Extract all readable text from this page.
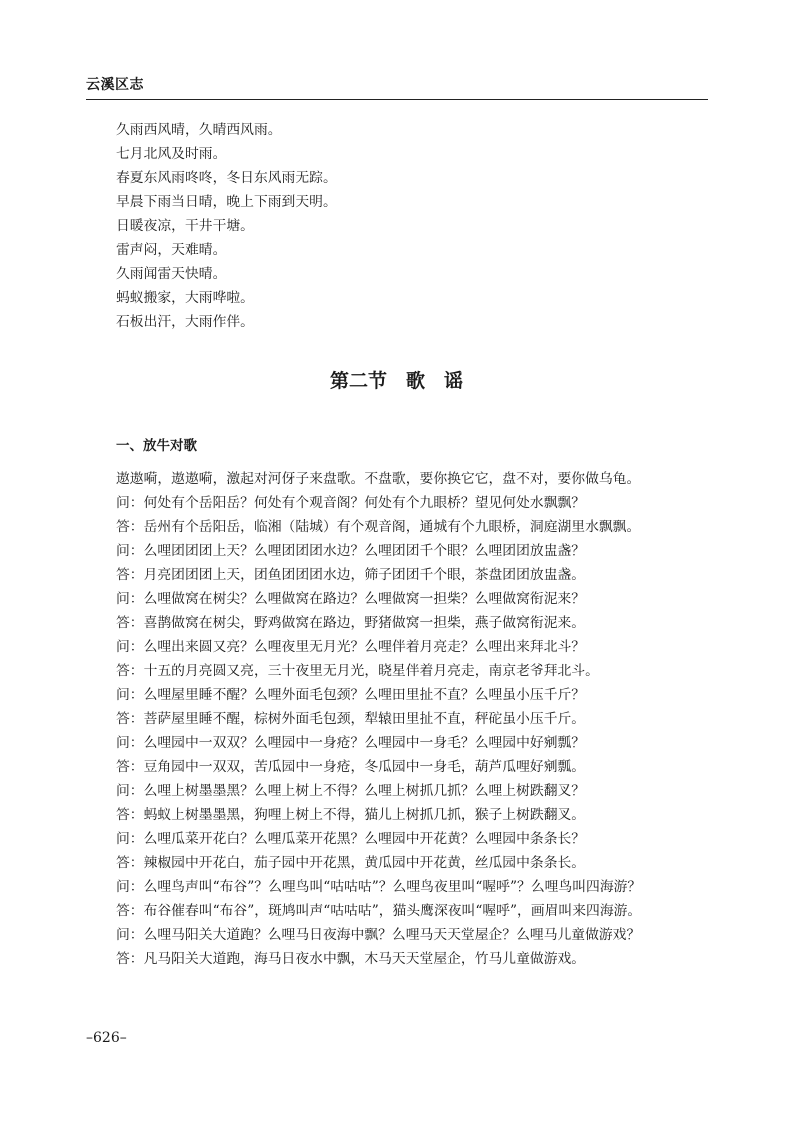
云溪区志
久雨西风晴，久晴西风雨。
七月北风及时雨。
春夏东风雨咚咚，冬日东风雨无踪。
早晨下雨当日晴，晚上下雨到天明。
日暖夜凉，干井干塘。
雷声闷，天难晴。
久雨闻雷天快晴。
蚂蚁搬家，大雨哗啦。
石板出汗，大雨作伴。
第二节　歌　谣
一、放牛对歌
遨遨嗬，遨遨嗬，激起对河伢子来盘歌。不盘歌，要你换它它，盘不对，要你做乌龟。
问：何处有个岳阳岳？何处有个观音阁？何处有个九眼桥？望见何处水飘飘？
答：岳州有个岳阳岳，临湘（陆城）有个观音阁，通城有个九眼桥，洞庭湖里水飘飘。
问：么哩团团团上天？么哩团团团水边？么哩团团千个眼？么哩团团放盅盏？
答：月亮团团团上天，团鱼团团团水边，筛子团团千个眼，茶盘团团放盅盏。
问：么哩做窝在树尖？么哩做窝在路边？么哩做窝一担柴？么哩做窝衔泥来？
答：喜鹊做窝在树尖，野鸡做窝在路边，野猪做窝一担柴，燕子做窝衔泥来。
问：么哩出来圆又亮？么哩夜里无月光？么哩伴着月亮走？么哩出来拜北斗？
答：十五的月亮圆又亮，三十夜里无月光，晓星伴着月亮走，南京老爷拜北斗。
问：么哩屋里睡不醒？么哩外面毛包颈？么哩田里扯不直？么哩虽小压千斤？
答：菩萨屋里睡不醒，棕树外面毛包颈，犁辕田里扯不直，秤砣虽小压千斤。
问：么哩园中一双双？么哩园中一身疮？么哩园中一身毛？么哩园中好剜瓢？
答：豆角园中一双双，苦瓜园中一身疮，冬瓜园中一身毛，葫芦瓜哩好剜瓢。
问：么哩上树墨墨黑？么哩上树上不得？么哩上树抓几抓？么哩上树跌翻叉？
答：蚂蚁上树墨墨黑，狗哩上树上不得，猫儿上树抓几抓，猴子上树跌翻叉。
问：么哩瓜菜开花白？么哩瓜菜开花黑？么哩园中开花黄？么哩园中条条长？
答：辣椒园中开花白，茄子园中开花黑，黄瓜园中开花黄，丝瓜园中条条长。
问：么哩鸟声叫“布谷”？么哩鸟叫“咕咕咕”？么哩鸟夜里叫“喔呼”？么哩鸟叫四海游？
答：布谷催春叫“布谷”，斑鸠叫声“咕咕咕”，猫头鹰深夜叫“喔呼”，画眉叫来四海游。
问：么哩马阳关大道跑？么哩马日夜海中飘？么哩马天天堂屋企？么哩马儿童做游戏？
答：凡马阳关大道跑，海马日夜水中飘，木马天天堂屋企，竹马儿童做游戏。
–626–
